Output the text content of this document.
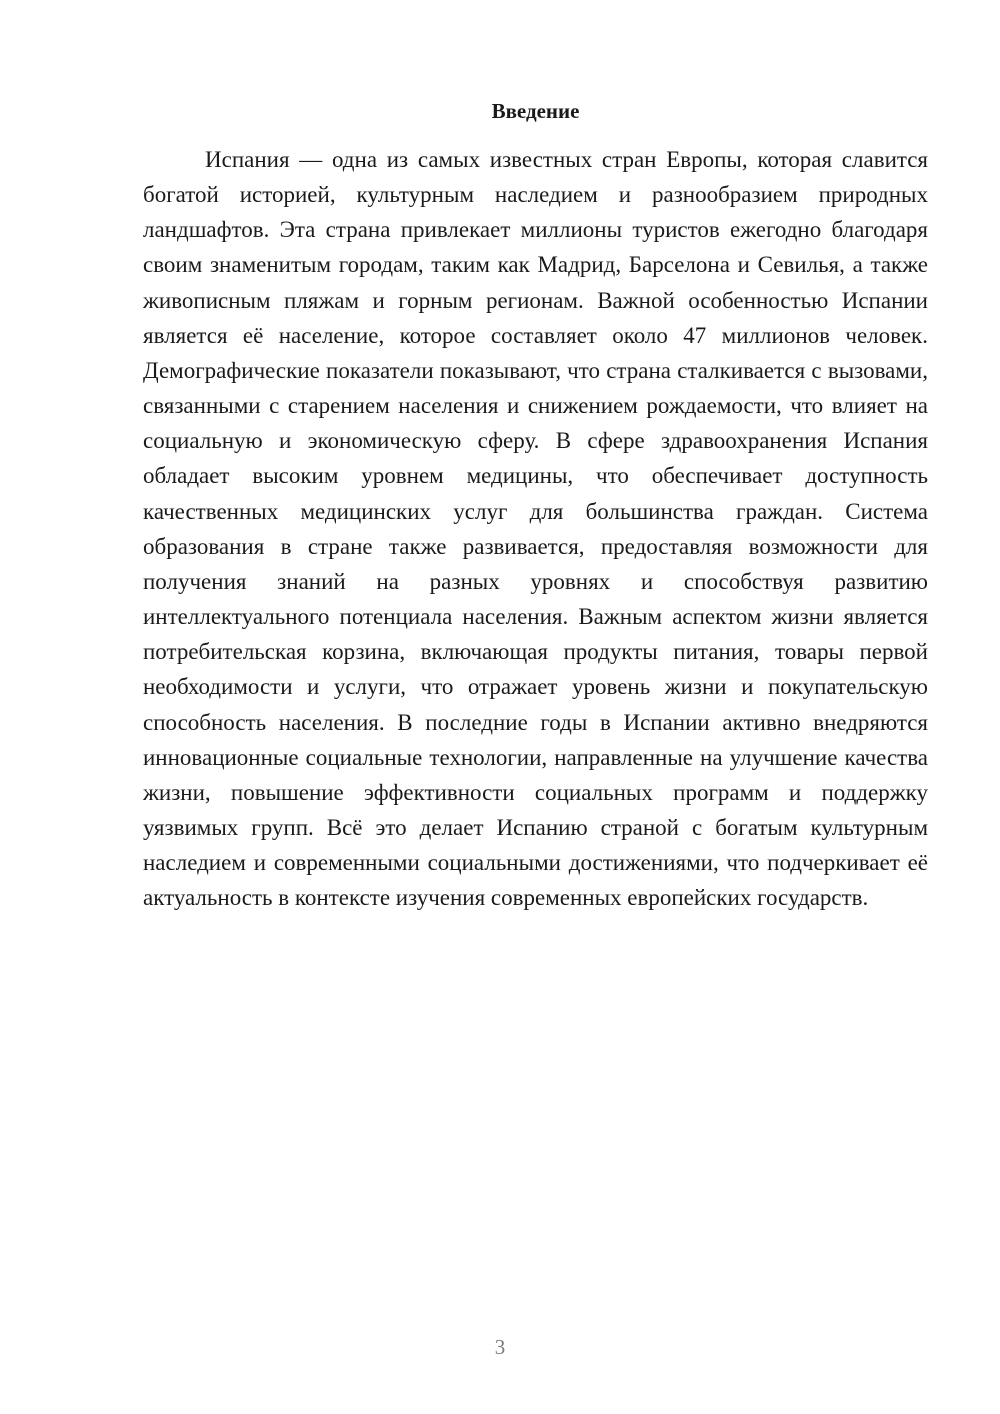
Введение

Испания — одна из самых известных стран Европы, которая славится богатой историей, культурным наследием и разнообразием природных ландшафтов. Эта страна привлекает миллионы туристов ежегодно благодаря своим знаменитым городам, таким как Мадрид, Барселона и Севилья, а также живописным пляжам и горным регионам. Важной особенностью Испании является её население, которое составляет около 47 миллионов человек. Демографические показатели показывают, что страна сталкивается с вызовами, связанными с старением населения и снижением рождаемости, что влияет на социальную и экономическую сферу. В сфере здравоохранения Испания обладает высоким уровнем медицины, что обеспечивает доступность качественных медицинских услуг для большинства граждан. Система образования в стране также развивается, предоставляя возможности для получения знаний на разных уровнях и способствуя развитию интеллектуального потенциала населения. Важным аспектом жизни является потребительская корзина, включающая продукты питания, товары первой необходимости и услуги, что отражает уровень жизни и покупательскую способность населения. В последние годы в Испании активно внедряются инновационные социальные технологии, направленные на улучшение качества жизни, повышение эффективности социальных программ и поддержку уязвимых групп. Всё это делает Испанию страной с богатым культурным наследием и современными социальными достижениями, что подчеркивает её актуальность в контексте изучения современных европейских государств.

3
